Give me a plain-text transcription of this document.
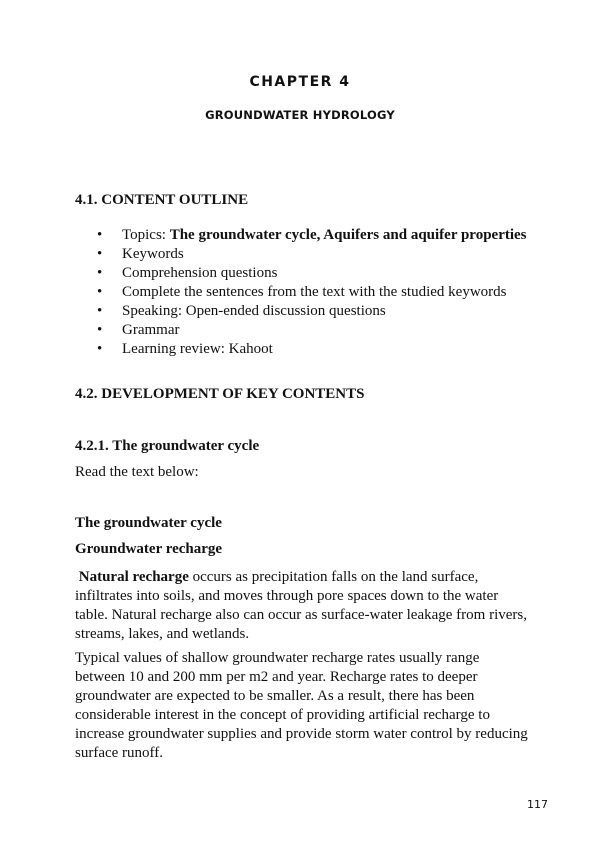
CHAPTER 4
GROUNDWATER HYDROLOGY
4.1. CONTENT OUTLINE
• Topics: The groundwater cycle, Aquifers and aquifer properties
• Keywords
• Comprehension questions
• Complete the sentences from the text with the studied keywords
• Speaking: Open-ended discussion questions
• Grammar
• Learning review: Kahoot
4.2. DEVELOPMENT OF KEY CONTENTS
4.2.1. The groundwater cycle
Read the text below:
The groundwater cycle
Groundwater recharge

Natural recharge occurs as precipitation falls on the land surface, infiltrates into soils, and moves through pore spaces down to the water table. Natural recharge also can occur as surface-water leakage from rivers, streams, lakes, and wetlands.

Typical values of shallow groundwater recharge rates usually range between 10 and 200 mm per m2 and year. Recharge rates to deeper groundwater are expected to be smaller. As a result, there has been considerable interest in the concept of providing artificial recharge to increase groundwater supplies and provide storm water control by reducing surface runoff.

117
